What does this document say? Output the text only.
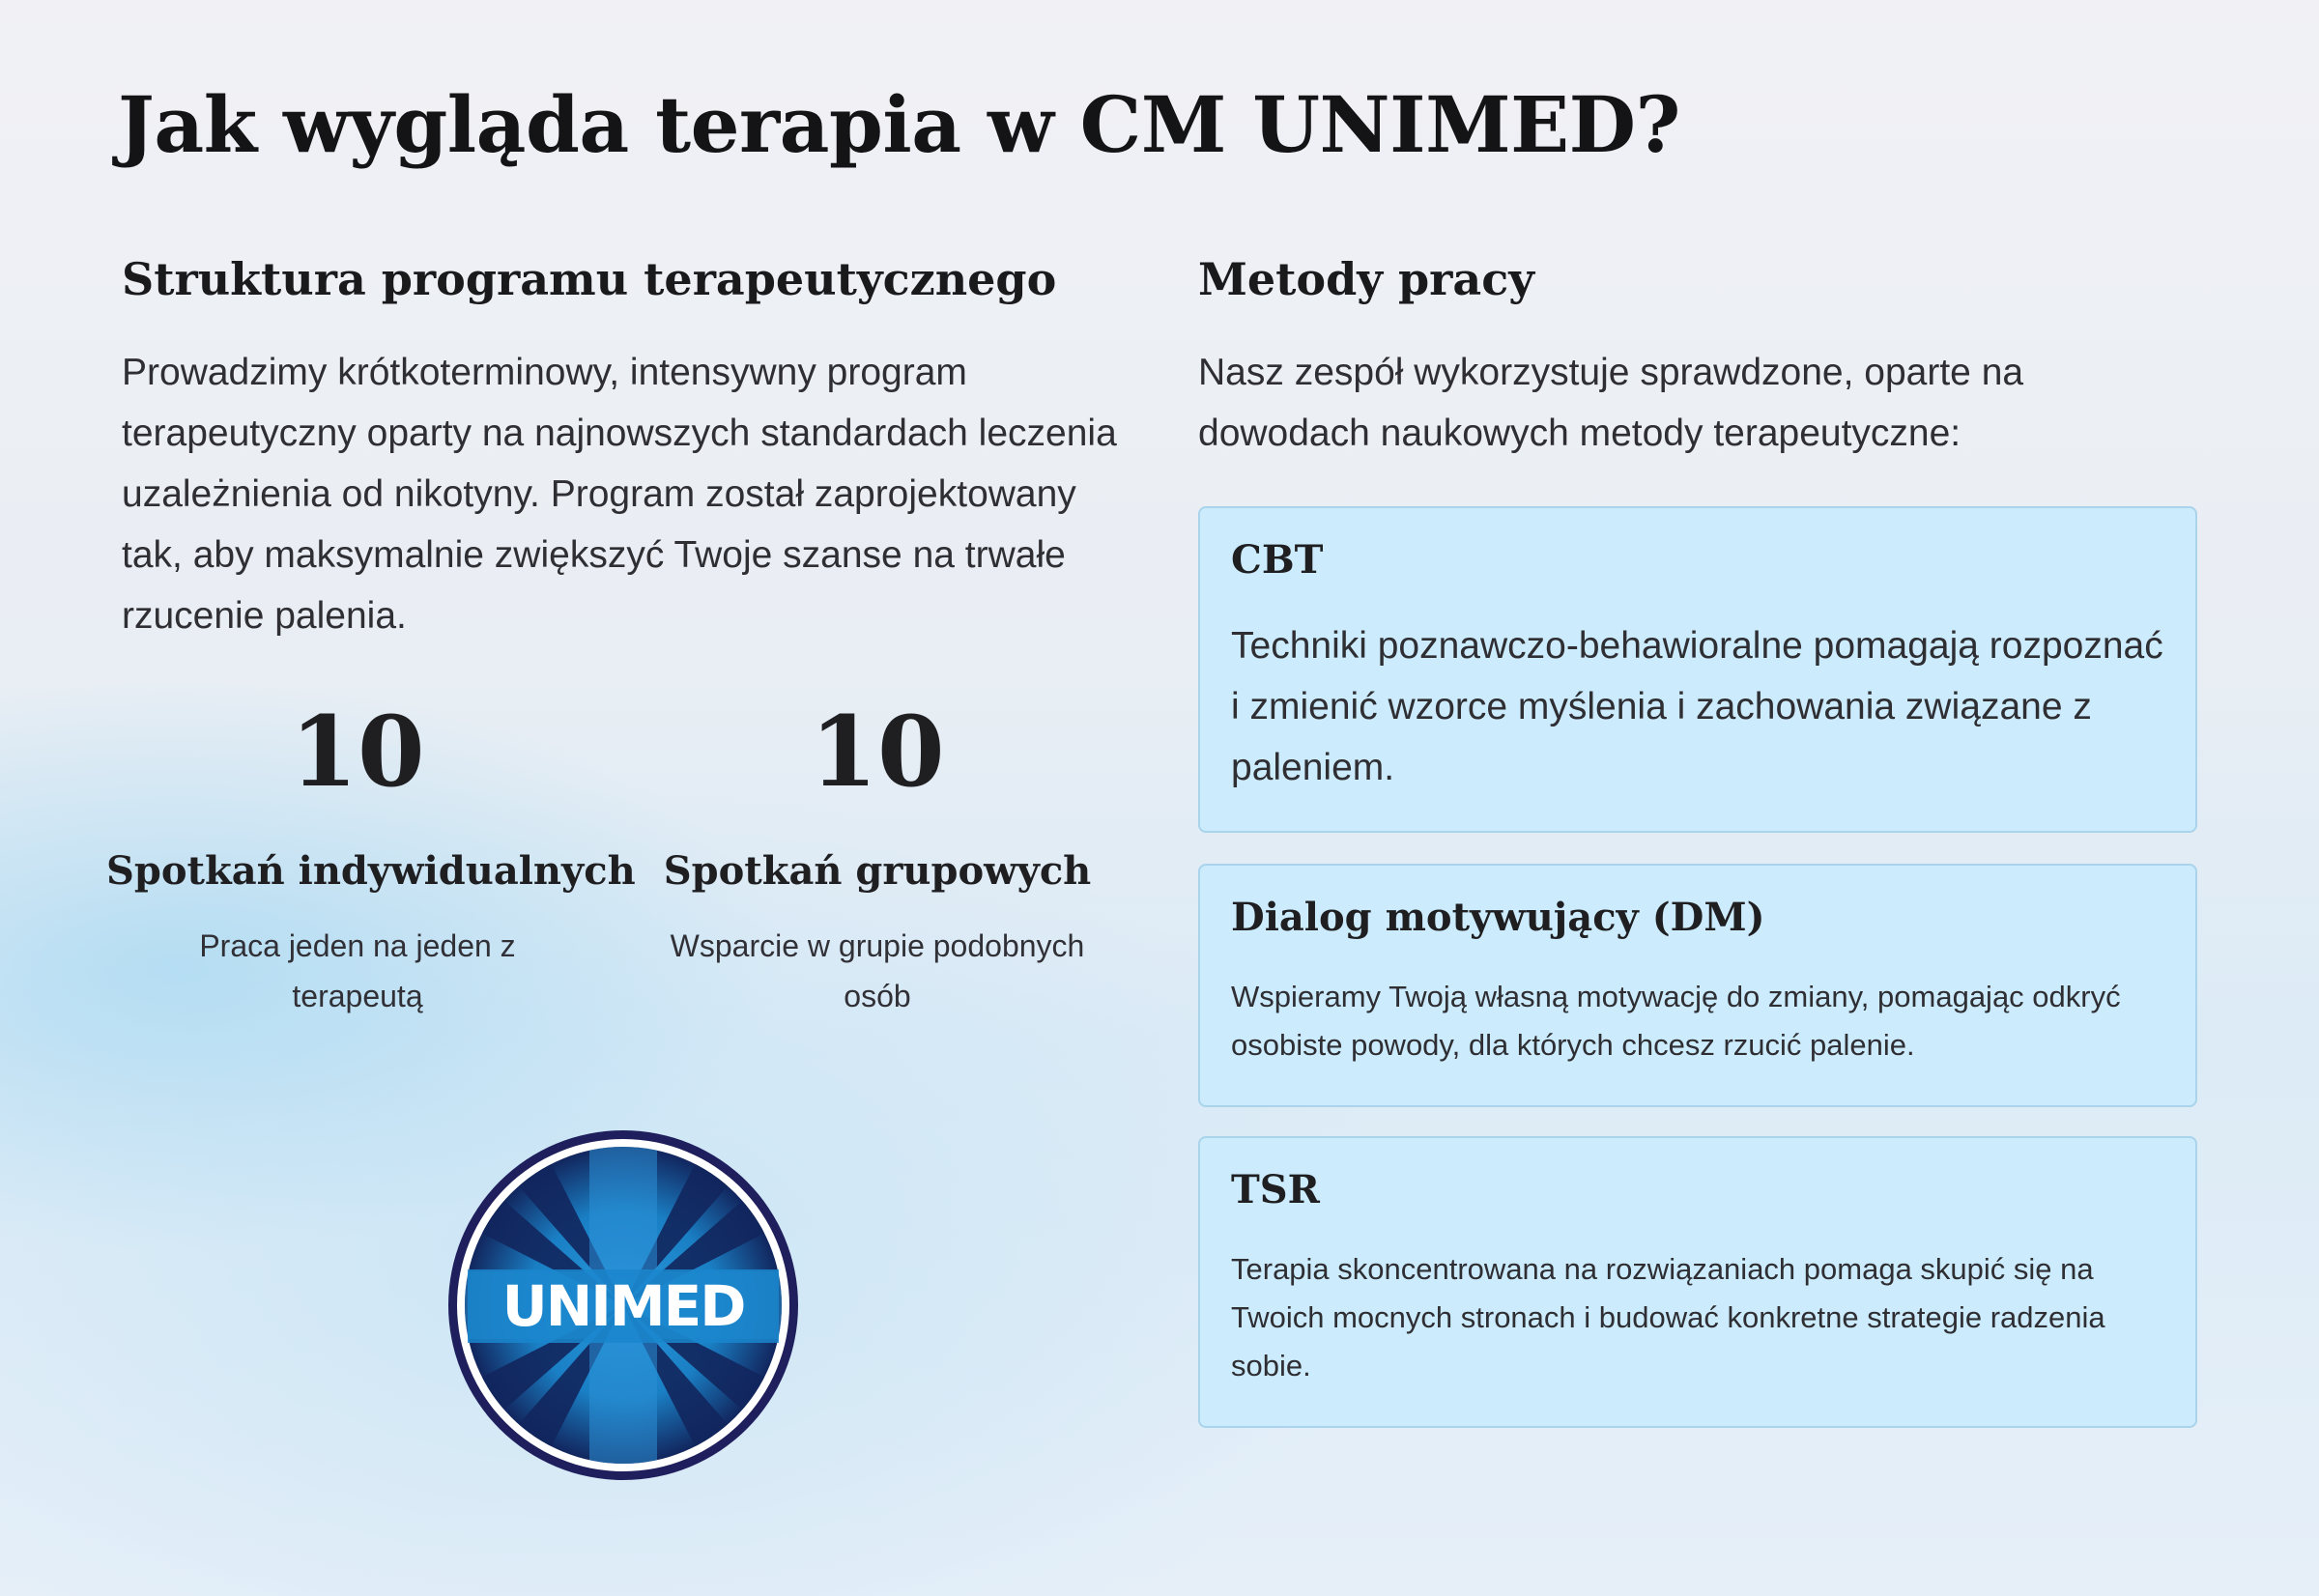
Jak wygląda terapia w CM UNIMED?
Struktura programu terapeutycznego

Prowadzimy krótkoterminowy, intensywny program terapeutyczny oparty na najnowszych standardach leczenia uzależnienia od nikotyny. Program został zaprojektowany tak, aby maksymalnie zwiększyć Twoje szanse na trwałe rzucenie palenia.

10
Spotkań indywidualnych
Praca jeden na jeden z terapeutą
10
Spotkań grupowych
Wsparcie w grupie podobnych osób
UNIMED
Metody pracy

Nasz zespół wykorzystuje sprawdzone, oparte na dowodach naukowych metody terapeutyczne:

CBT

Techniki poznawczo-behawioralne pomagają rozpoznać i zmienić wzorce myślenia i zachowania związane z paleniem.

Dialog motywujący (DM)

Wspieramy Twoją własną motywację do zmiany, pomagając odkryć osobiste powody, dla których chcesz rzucić palenie.

TSR

Terapia skoncentrowana na rozwiązaniach pomaga skupić się na Twoich mocnych stronach i budować konkretne strategie radzenia sobie.
